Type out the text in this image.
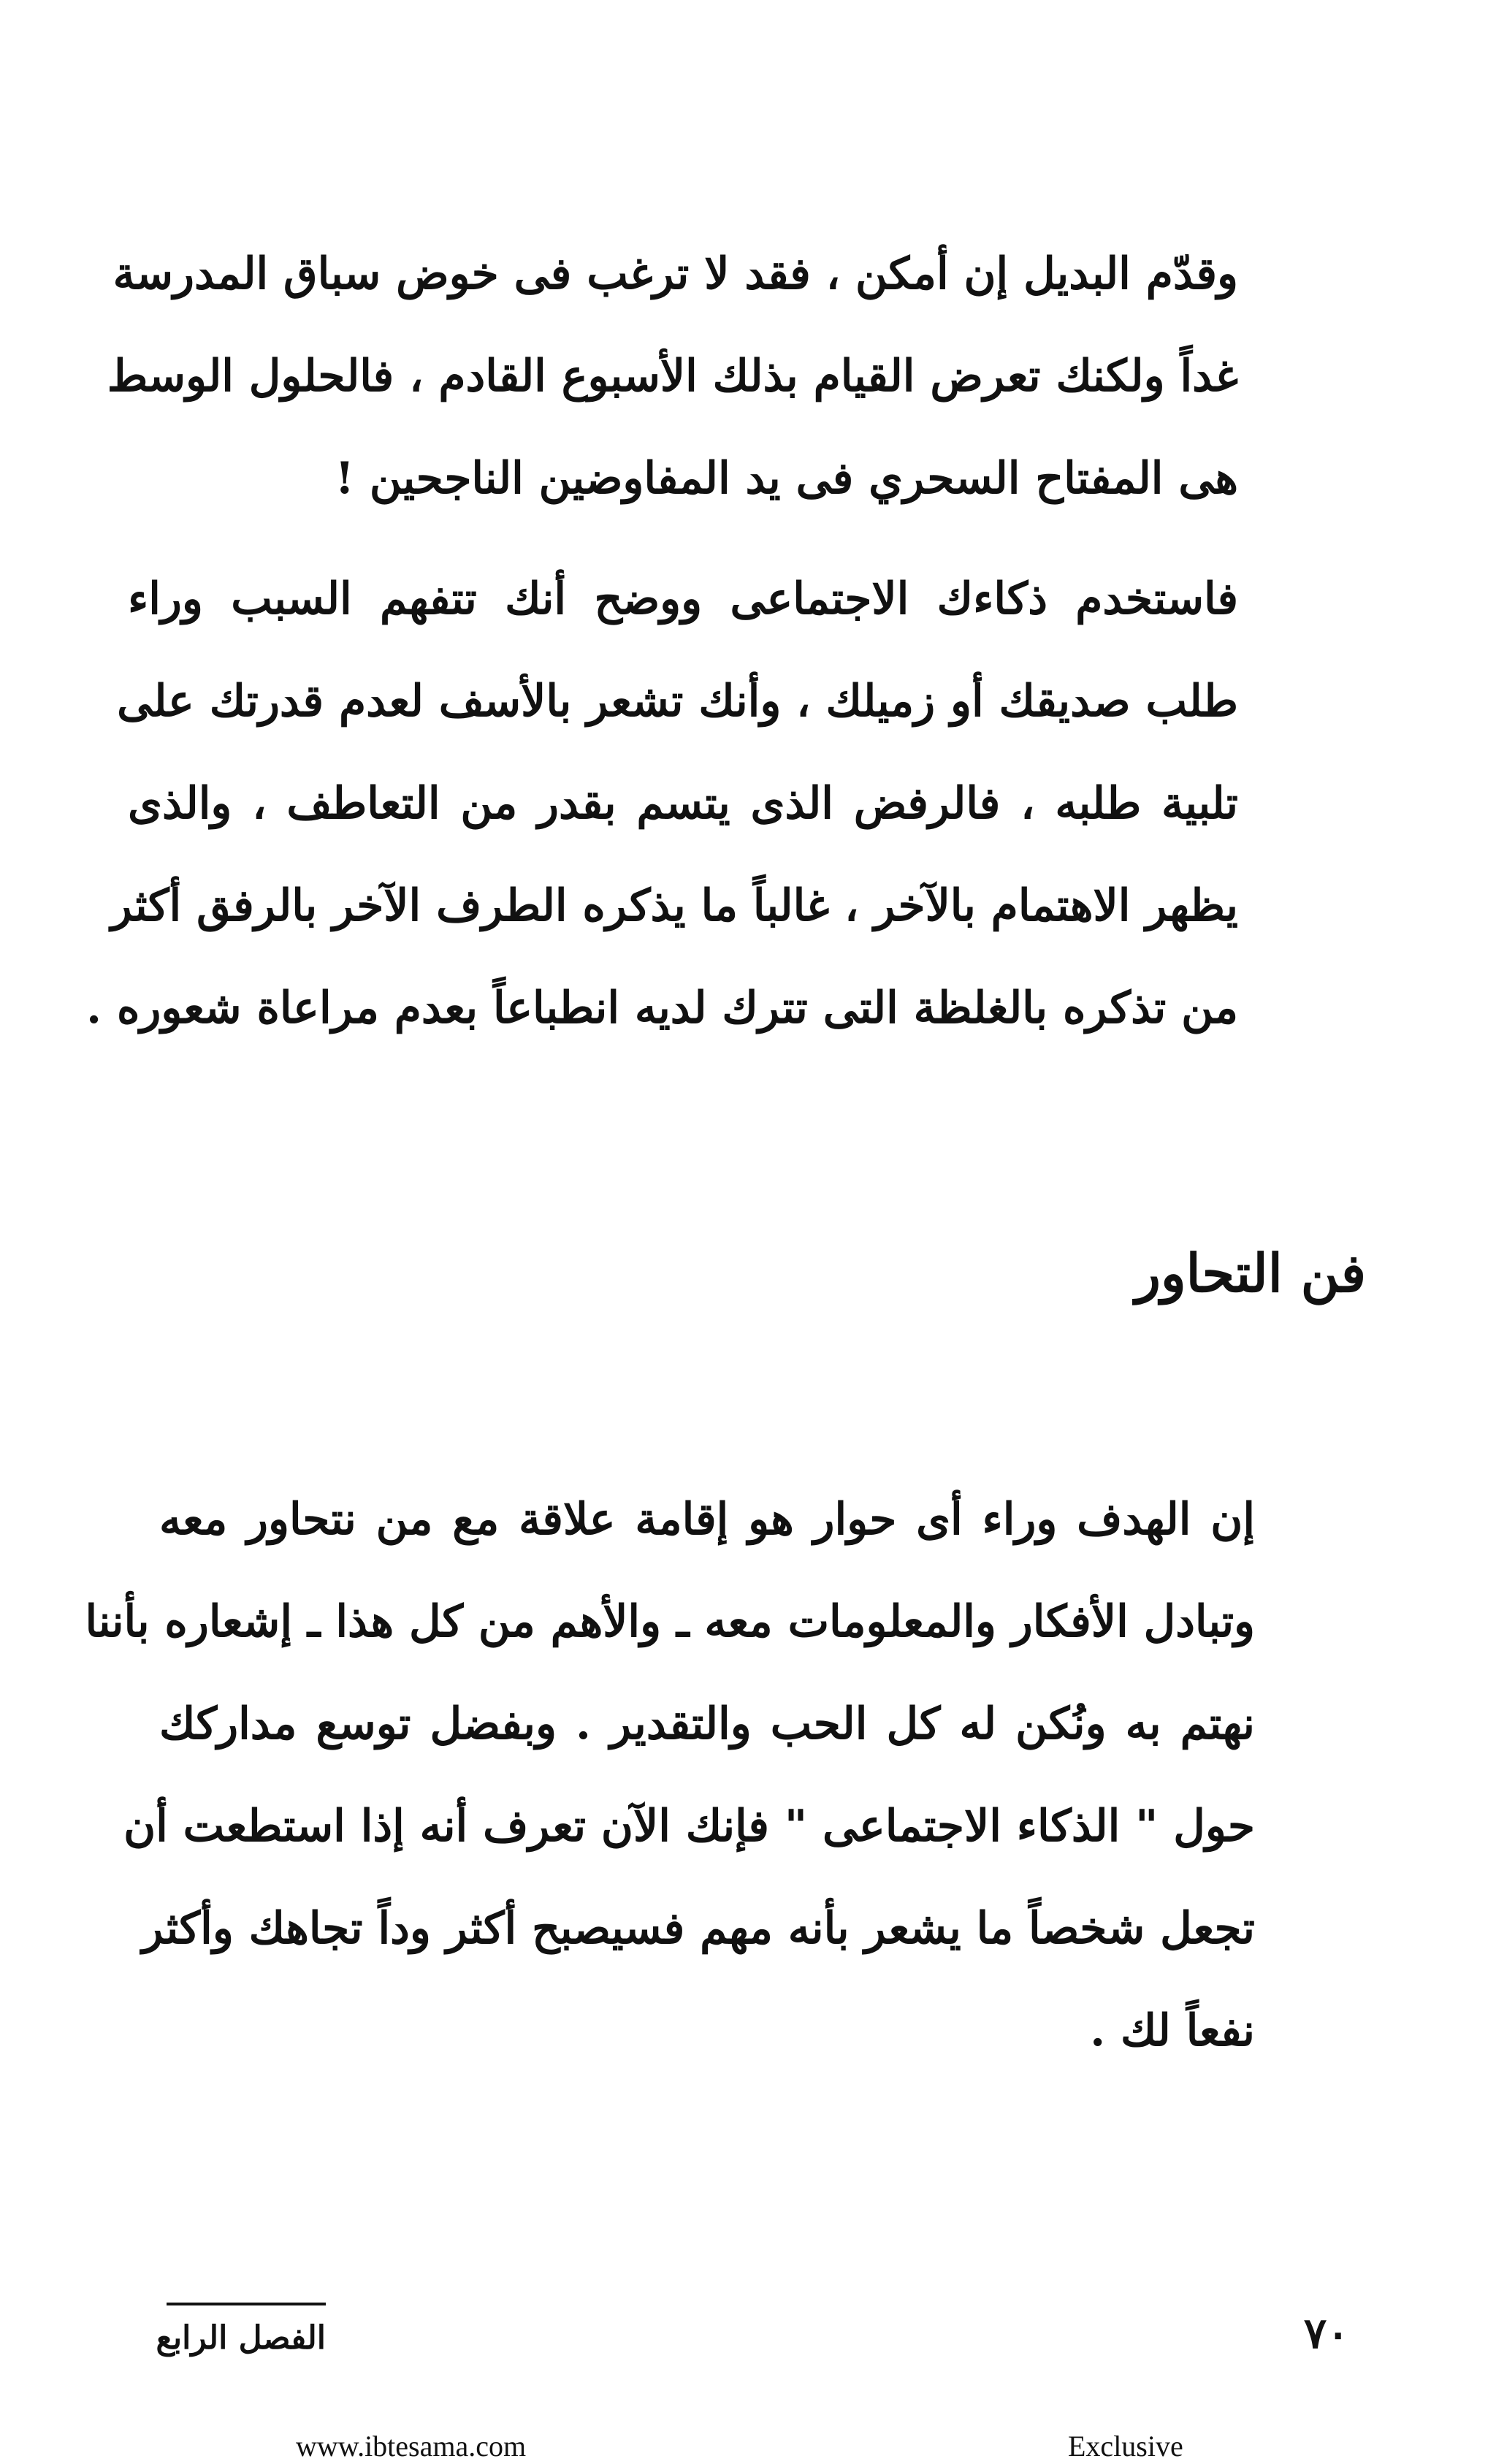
وقدّم البديل إن أمكن ، فقد لا ترغب فى خوض سباق المدرسة
غداً ولكنك تعرض القيام بذلك الأسبوع القادم ، فالحلول الوسط
هى المفتاح السحري فى يد المفاوضين الناجحين !
فاستخدم ذكاءك الاجتماعى ووضح أنك تتفهم السبب وراء
طلب صديقك أو زميلك ، وأنك تشعر بالأسف لعدم قدرتك على
تلبية طلبه ، فالرفض الذى يتسم بقدر من التعاطف ، والذى
يظهر الاهتمام بالآخر ، غالباً ما يذكره الطرف الآخر بالرفق أكثر
من تذكره بالغلظة التى تترك لديه انطباعاً بعدم مراعاة شعوره .
فن التحاور
إن الهدف وراء أى حوار هو إقامة علاقة مع من نتحاور معه
وتبادل الأفكار والمعلومات معه ـ والأهم من كل هذا ـ إشعاره بأننا
نهتم به ونُكن له كل الحب والتقدير . وبفضل توسع مداركك
حول " الذكاء الاجتماعى " فإنك الآن تعرف أنه إذا استطعت أن
تجعل شخصاً ما يشعر بأنه مهم فسيصبح أكثر وداً تجاهك وأكثر
نفعاً لك .
الفصل الرابع	٧٠
www.ibtesama.com	Exclusive
